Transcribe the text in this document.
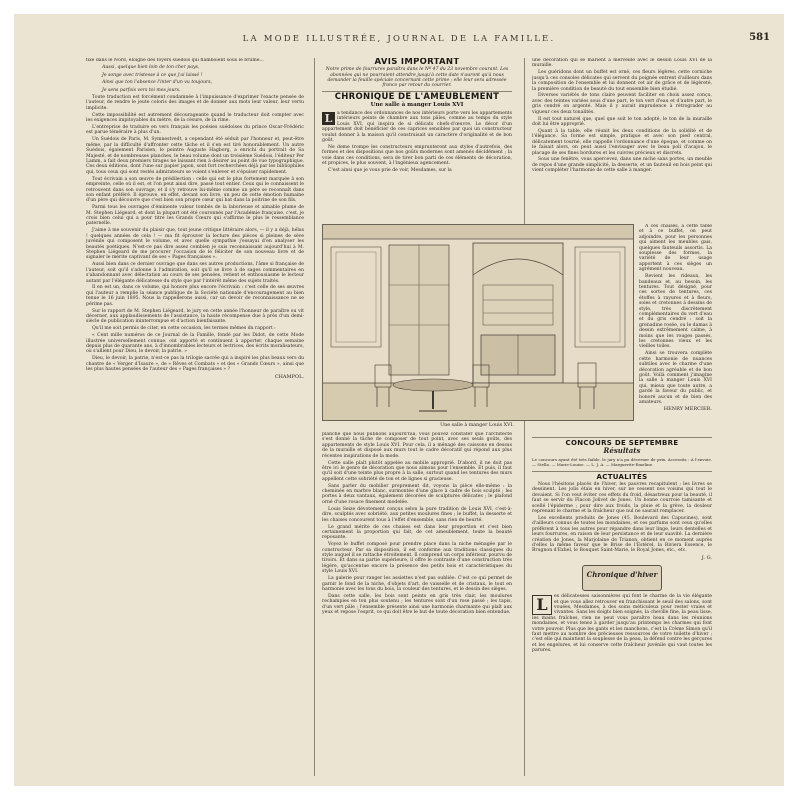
LA MODE ILLUSTRÉE, JOURNAL DE LA FAMILLE.	581

fixé dans le Nord, éloigné des foyers suédois qui flamboient sous le brume...

Aussi, quelque bien loin de ton cher pays,
Je songe avec tristesse à ce que j'ai laissé !
Ainsi que ton l'absence l'inter d'un vu toujours,
Je sens parfois vers toi mes jours.

Toute traduction est forcément condamnée à l'impuissance d'exprimer l'exacte pensée de l'auteur, de rendre le jeute coloris des images et de donner aux mots leur valeur, leur vertu implicite.

Cette impossibilité est autrement décourageante quand le traducteur doit compter avec les exigences impitoyables du mètre, de la césure, de la rime.

L'entreprise de traduire en vers français les poésies suédoises du prince Oscar-Frédéric est parue téméraire à plus d'un.

Un Suédois de Paris, M. Symnestvedt, a cependant été séduit par l'honneur et, peut-être même, par la difficulté d'affronter cette tâche et il s'en est tiré honorablement. Un autre Suédois, également Parisien, le peintre Auguste Hagborg, a enrichi du portrait de Sa Majesté, et de nombreuses planches, le beau volume dont un troisième Suédois, l'éditeur Per Lamm, a fait deux premiers tirages ne laissant rien à désirer au point de vue typographique. Ces deux éditions, dont l'une sur papier japon, sont fort recherchées déjà par les bibliophiles qui, tous ceux qui sont restés admirateurs se voient s'enlever et s'épuiser rapidement.

Tout écrivain a son œuvre de prédilection : celle qui est le plus fortement marquée à son empreinte, celle où il est, et l'on peut ainsi dire, passé tout entier. Ceux qui le connaissent le retrouvent dans son ouvrage, et il s'y retrouve lui-même comme un père se reconnaît dans son enfant préféré. Il éprouve, en effet, devant son livre, un peu de cette émotion humaine d'un père qui découvre que c'est bien son propre cœur qui bat dans la poitrine de son fils.

Parmi tous les ouvrages d'éminente valeur tombés de la laborieuse et aimable plume de M. Stephen Liégeard, et dont la plupart ont été couronnés par l'Académie française, c'est, je crois bien celui qui a pour titre les Grands Cœurs qui s'affirme le plus le ressemblance paternelle.

J'aime à me souvenir du plaisir que, tout jeune critique littéraire alors, — il y a déjà, hélas ! quelques années de cela ! — ma fit éprouver la lecture des pièces si pleines de sève juvénile qui composent le volume, et avec quelle sympathie j'essayai d'en analyser les beautés poétiques. N'est-ce pas dire assez combien je suis reconnaissant aujourd'hui à M. Stephen Liégeard de me procurer l'occasion de le féliciter de son nouveau livre et de signaler le mérite captivant de ses « Pages françaises ».

Aussi bien dans ce dernier ouvrage que dans ses autres productions, l'âme si française de l'auteur, soit qu'il s'adonne à l'admiration, soit qu'il se livre à de sages commentaires en s'abandonnant avec délectation au cours de ses pensées, retient et enthousiasme le lecteur autant par l'élégante délicatesse du style que par l'intérêt même des sujets traités.

Il en est un, dans ce volume, qui honore plus encore l'écrivain : c'est celle de ses œuvres qui l'auteur a remplie la séance publique de la Société nationale d'encouragement au bien tenue le 16 juin 1895. Nous la rappellerons aussi, car un devoir de reconnaissance ne se périme pas.

Sur le rapport de M. Stephen Liégeard, le jury en cette année l'honneur de paraître ou vit décerner, aux applaudissements de l'assistance, la haute récompense due à près d'un demi-siècle de publication ininterrompue et d'action bienfaisante.

Qu'il me soit permis de citer, en cette occasion, les termes mêmes du rapport :

« Cent mille numéros de ce Journal de la Famille, fondé par les Didot, de cette Mode illustrée universellement connue, ont apporté et continuent à apporter, chaque semaine depuis plus de quarante ans, à d'innombrables lecteurs et lectrices, des écrits moralisateurs, où s'allient pour Dieu, le devoir, la patrie. »

Dieu, le devoir, la patrie, n'est-ce pas la trilogie sacrée qui a inspiré les plus beaux vers du chantre de « Verger d'Isaure », de « Rêves et Combats » et des « Grands Cœurs », ainsi que les plus hautes pensées de l'auteur des « Pages françaises » ?

CHAMPOL.
AVIS IMPORTANT
Notre prime de fourrures paraîtra dans le Nº 47 du 23 novembre courant. Les abonnées qui ne pourraient attendre jusqu'à cette date n'auront qu'à nous demander la feuille spéciale concernant cette prime ; elle leur sera adressée franco par retour du courrier.
CHRONIQUE DE L'AMEUBLEMENT
Une salle à manger Louis XVI
L	a tendance des ordonnances de nos intérieurs porte vers les appartements intérieurs peints de chambre aux tons pâles, comme au temps du style Louis XVI, qui inspira de si délicats chefs-d'œuvre. Le décor d'un appartement doit bénéficier de ces caprices sensibles par quoi un constructeur voulut donner à la maison qu'il construisait un caractère d'originalité et de bon goût.

Ne deme trompe les constructeurs emprunteront aux styles d'autrefois, des formes et des dispositions que nos goûts modernes sont amenés décidément ; la voie dans ces conditions, sera de tirer bon parti de ces éléments de décoration, et propices, le plus souvent, à l'ingénieux agencement.

C'est ainsi que je vous prie de voir, Mesdames, sur la

Une salle à manger Louis XVI.

planche que nous publions aujourd'hui, vous pouvez constater que l'architecte s'est donné la tâche de composer de tout point, avec ses seuls goûts, des appartements de style Louis XVI. Pour cela, il a ménagé des caissons en dessus de la muraille et disposé aux murs tout le cadre décoratif qui répond aux plus récentes inspirations de la mode.

Cette salle plaît plutôt appelée au mobile approprié. D'abord, il ne doit pas être ici le genre de décoration que nous aimons pour l'ensemble. Et puis, il faut qu'il soit d'une teinte plus propre à la salle, surtout quand les tentures des murs appellent cette sobriété de ton et de lignes si gracieuse.

Sans parler du mobilier proprement dit, voyons la pièce elle-même : la cheminée en marbre blanc, surmontée d'une glace à cadre de bois sculpté ; les portes à deux vantaux, également décorées de sculptures délicates ; le plafond orné d'une rosace finement modelée.

Louis Seize dévotement conçus selon la pure tradition de Louis XVI, c'est-à-dire, sculptés avec sobriété, aux petites moulures fines ; le buffet, la desserte et les chaises concourent tous à l'effet d'ensemble, sans rien de heurté.

Le grand mérite de ces chaises est dans leur proportion et c'est bien certainement la proportion qui fait, de cet ameublement, toute la beauté reposante.

Voyez le buffet composé pour prendre place dans la niche ménagée par le constructeur. Par sa disposition, il est conforme aux traditions classiques du style auquel il se rattache étroitement. Il comprend un corps inférieur, pourvu de tiroirs. Et dans sa partie supérieure, il offre le contraste d'une construction très légère, qu'accentue encore la présence des petits bois et caractéristiques du style Louis XVI.

La galerie pour ranger les assiettes n'est pas oubliée. C'est ce qui permet de garnir le fond de la niche, d'objets d'art, de vaisselle et de cristaux, le tout en harmonie avec les tons du bois, la couleur des tentures, et le dessin des sièges.

Dans cette salle, les bois sont peints en gris très clair, les moulures rechampies en ton plus soutenu ; les tentures sont d'un rose passé ; les tapis, d'un vert pâle ; l'ensemble présente ainsi une harmonie charmante qui plaît aux yeux et repose l'esprit, ce qui doit être le but de toute décoration bien entendue.

une décoration qui se marient à merveille avec le dessin Louis XVI de la muraille.

Les guéridons dont un buffet est orné, ces fleurs légères, cette corniche jusqu'à ces consoles délicates qui servent du poignée entrent d'ailleurs dans la composition de l'ensemble et lui donnent cet air de grâce et de légèreté, la première condition de beauté du tout ensemble bien étudié.

Diverses variétés de tons claire peuvent faciliter en choix assez conçu, avec des teintes variées sous d'une part, le ton vert d'eau et d'autre part, le gris cendré on argenté. Mais il y aurait imprudence à rétrograder au vigueur ces deux tonalités.

Il est tout naturel que, quel que soit le ton adopté, le ton de la muraille doit lui être approprié.

Quant à la table, elle réunit les deux conditions de la solidité et de l'élégance. Sa forme est simple, pratique et avec son pied central, délicatement tourné, elle rappelle l'ordonnance d'une époque, et comme on le faisait alors, on peut aussi l'envisager avec le beau poli d'acajou, le placage de ses fines bordures et les cuivres précieux et discrets.

Sous une fenêtre, vous apercevez, dans une niche sans portes, un meuble de repos d'une grande simplicité, la desserte, et un fauteuil en bois peint qui vient compléter l'harmonie de cette salle à manger.

A ces chaises, à cette table et à ce buffet, on peut adjoindre, pour les personnes qui aiment les meubles gais, quelques fauteuils assortis. La souplesse des formes, la variété de leur usage apportent à ces sièges un agrément nouveau.

Revient les rideaux, les bandeaux et, au besoin, les tentures. Tout désigné, pour ces sortes de tentures, ces étoffes à rayures et à fleurs, soies et cretonnes à dessins de style, très discrètement complémentaires du vert d'eau et du gris cendré : soit la grenadine rosée, ou le damas à dessin extrêmement calme, à moins que les rouges passés, les cretonnes vieux et les vieilles toiles.

Ainsi se trouvera complète cette harmonie de nuances subtiles avec le charme d'une décoration agréable et de bon goût. Voilà comment j'imagine la salle à manger Louis XVI qui, mieux que toute autre, a gardé la faveur du public, et honoré aucun et de bien des amateurs.

HENRY MERCIER.
CONCOURS DE SEPTEMBRE
Résultats

Le concours ayant été très faible, le jury n'a pu décerner de prix. Accessits : A l'envoie. — Stella. — Marie-Louise. — L. J. A. — Marguerite-Emeline.

ACTUALITÉS

Nous l'hésitons placés de l'hiver, les pauvres recapitulent ; les livres se dessinent. Les jolis étais en hiver, sur ne cessent nos voisins qui tout le devaient. Si l'on veut éviter ces effets du froid, désastreux pour la beauté, il faut se servir du Flacon Jolivet de Jones. Un bonne courroie tamisante et scellé l'épiderme ; pour dire aux froids, la pluie et la grève, la douleur reprenant le charme et la fraîcheur que nul ne saurait remplacer.

Les excellents produits de Jones (45, Boulevard des Capucines), sont d'ailleurs connus de toutes les mondaines, et ces parfums sont ceux qu'elles préfèrent à tous les autres pour répandre dans leur linge, leurs dentelles et leurs fourrures, en raison de leur persistance et de leur suavité. La dernière création de Jones, la Marjolaine de Trianon, obtient en ce moment auprès d'elles la même faveur que le Brise de l'Estérel, la Riviera Essence, le Brugnon d'Exhel, le Bouquet Saint-Marie, le Royal Jones, etc., etc.

J. G.
Chronique d'hiver
L	es délicatesses saisonnières qui font le charme de la vie élégante et que vous allez retrouver en franchissant le seuil des salons, sont vouées, Mesdames, à des soins méticuleux pour rester vraies et vivantes. Sans les doigts bien soignés, la cheville fine, la peau lisse, les mains fraîches, rien ne peut vous paraître beau dans les réunions mondaines, et vous tenez à garder jusqu'au printemps les charmes qui font votre pouvoir. Plus que les gants et les manchons, c'est la Crème Simon qu'il faut mettre au nombre des précieuses ressources de votre toilette d'hiver ; c'est elle qui maintient la souplesse de la peau, la défend contre les gerçures et les engelures, et lui conserve cette fraîcheur juvénile qui vaut toutes les parures.
